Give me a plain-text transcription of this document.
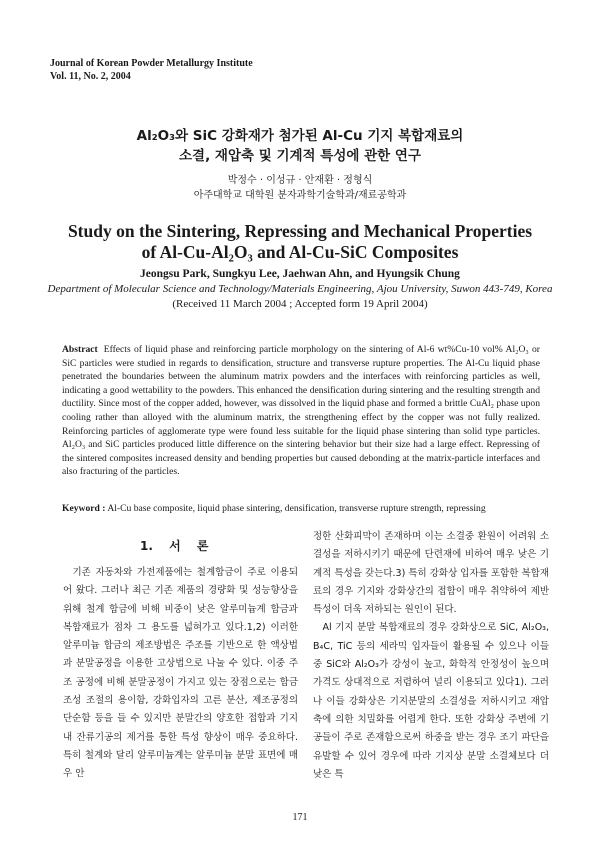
Journal of Korean Powder Metallurgy Institute
Vol. 11, No. 2, 2004
Al₂O₃와 SiC 강화재가 첨가된 Al-Cu 기지 복합재료의
소결, 재압축 및 기계적 특성에 관한 연구
박정수 · 이성규 · 안재환 · 정형식
아주대학교 대학원 분자과학기술학과/재료공학과
Study on the Sintering, Repressing and Mechanical Properties
of Al-Cu-Al₂O₃ and Al-Cu-SiC Composites
Jeongsu Park, Sungkyu Lee, Jaehwan Ahn, and Hyungsik Chung
Department of Molecular Science and Technology/Materials Engineering, Ajou University, Suwon 443-749, Korea
(Received 11 March 2004 ; Accepted form 19 April 2004)
Abstract Effects of liquid phase and reinforcing particle morphology on the sintering of Al-6 wt%Cu-10 vol% Al₂O₃ or SiC particles were studied in regards to densification, structure and transverse rupture properties. The Al-Cu liquid phase penetrated the boundaries between the aluminum matrix powders and the interfaces with reinforcing particles as well, indicating a good wettability to the powders. This enhanced the densification during sintering and the resulting strength and ductility. Since most of the copper added, however, was dissolved in the liquid phase and formed a brittle CuAl₂ phase upon cooling rather than alloyed with the aluminum matrix, the strengthening effect by the copper was not fully realized. Reinforcing particles of agglomerate type were found less suitable for the liquid phase sintering than solid type particles. Al₂O₃ and SiC particles produced little difference on the sintering behavior but their size had a large effect. Repressing of the sintered composites increased density and bending properties but caused debonding at the matrix-particle interfaces and also fracturing of the particles.
Keyword : Al-Cu base composite, liquid phase sintering, densification, transverse rupture strength, repressing
1. 서 론

기존 자동차와 가전제품에는 철계합금이 주로 이용되어 왔다. 그러나 최근 기존 제품의 경량화 및 성능향상을 위해 철계 합금에 비해 비중이 낮은 알루미늄계 합금과 복합재료가 점차 그 용도를 넓혀가고 있다.1,2) 이러한 알루미늄 합금의 제조방법은 주조를 기반으로 한 액상법과 분말공정을 이용한 고상법으로 나눌 수 있다. 이중 주조 공정에 비해 분말공정이 가지고 있는 장점으로는 합금조성 조절의 용이함, 강화입자의 고른 분산, 제조공정의 단순함 등을 들 수 있지만 분말간의 양호한 접합과 기지내 잔류기공의 제거를 통한 특성 향상이 매우 중요하다. 특히 철계와 달리 알루미늄계는 알루미늄 분말 표면에 매우 안

정한 산화피막이 존재하며 이는 소결중 환원이 어려워 소결성을 저하시키기 때문에 단련재에 비하여 매우 낮은 기계적 특성을 갖는다.3) 특히 강화상 입자를 포함한 복합재료의 경우 기지와 강화상간의 접합이 매우 취약하여 제반 특성이 더욱 저하되는 원인이 된다.

Al 기지 분말 복합재료의 경우 강화상으로 SiC, Al₂O₃, B₄C, TiC 등의 세라믹 입자들이 활용될 수 있으나 이들 중 SiC와 Al₂O₃가 강성이 높고, 화학적 안정성이 높으며 가격도 상대적으로 저렴하여 널리 이용되고 있다1). 그러나 이들 강화상은 기지분말의 소결성을 저하시키고 재압축에 의한 치밀화를 어렵게 한다. 또한 강화상 주변에 기공들이 주로 존재함으로써 하중을 받는 경우 조기 파단을 유발할 수 있어 경우에 따라 기지상 분말 소결체보다 더 낮은 특

171
